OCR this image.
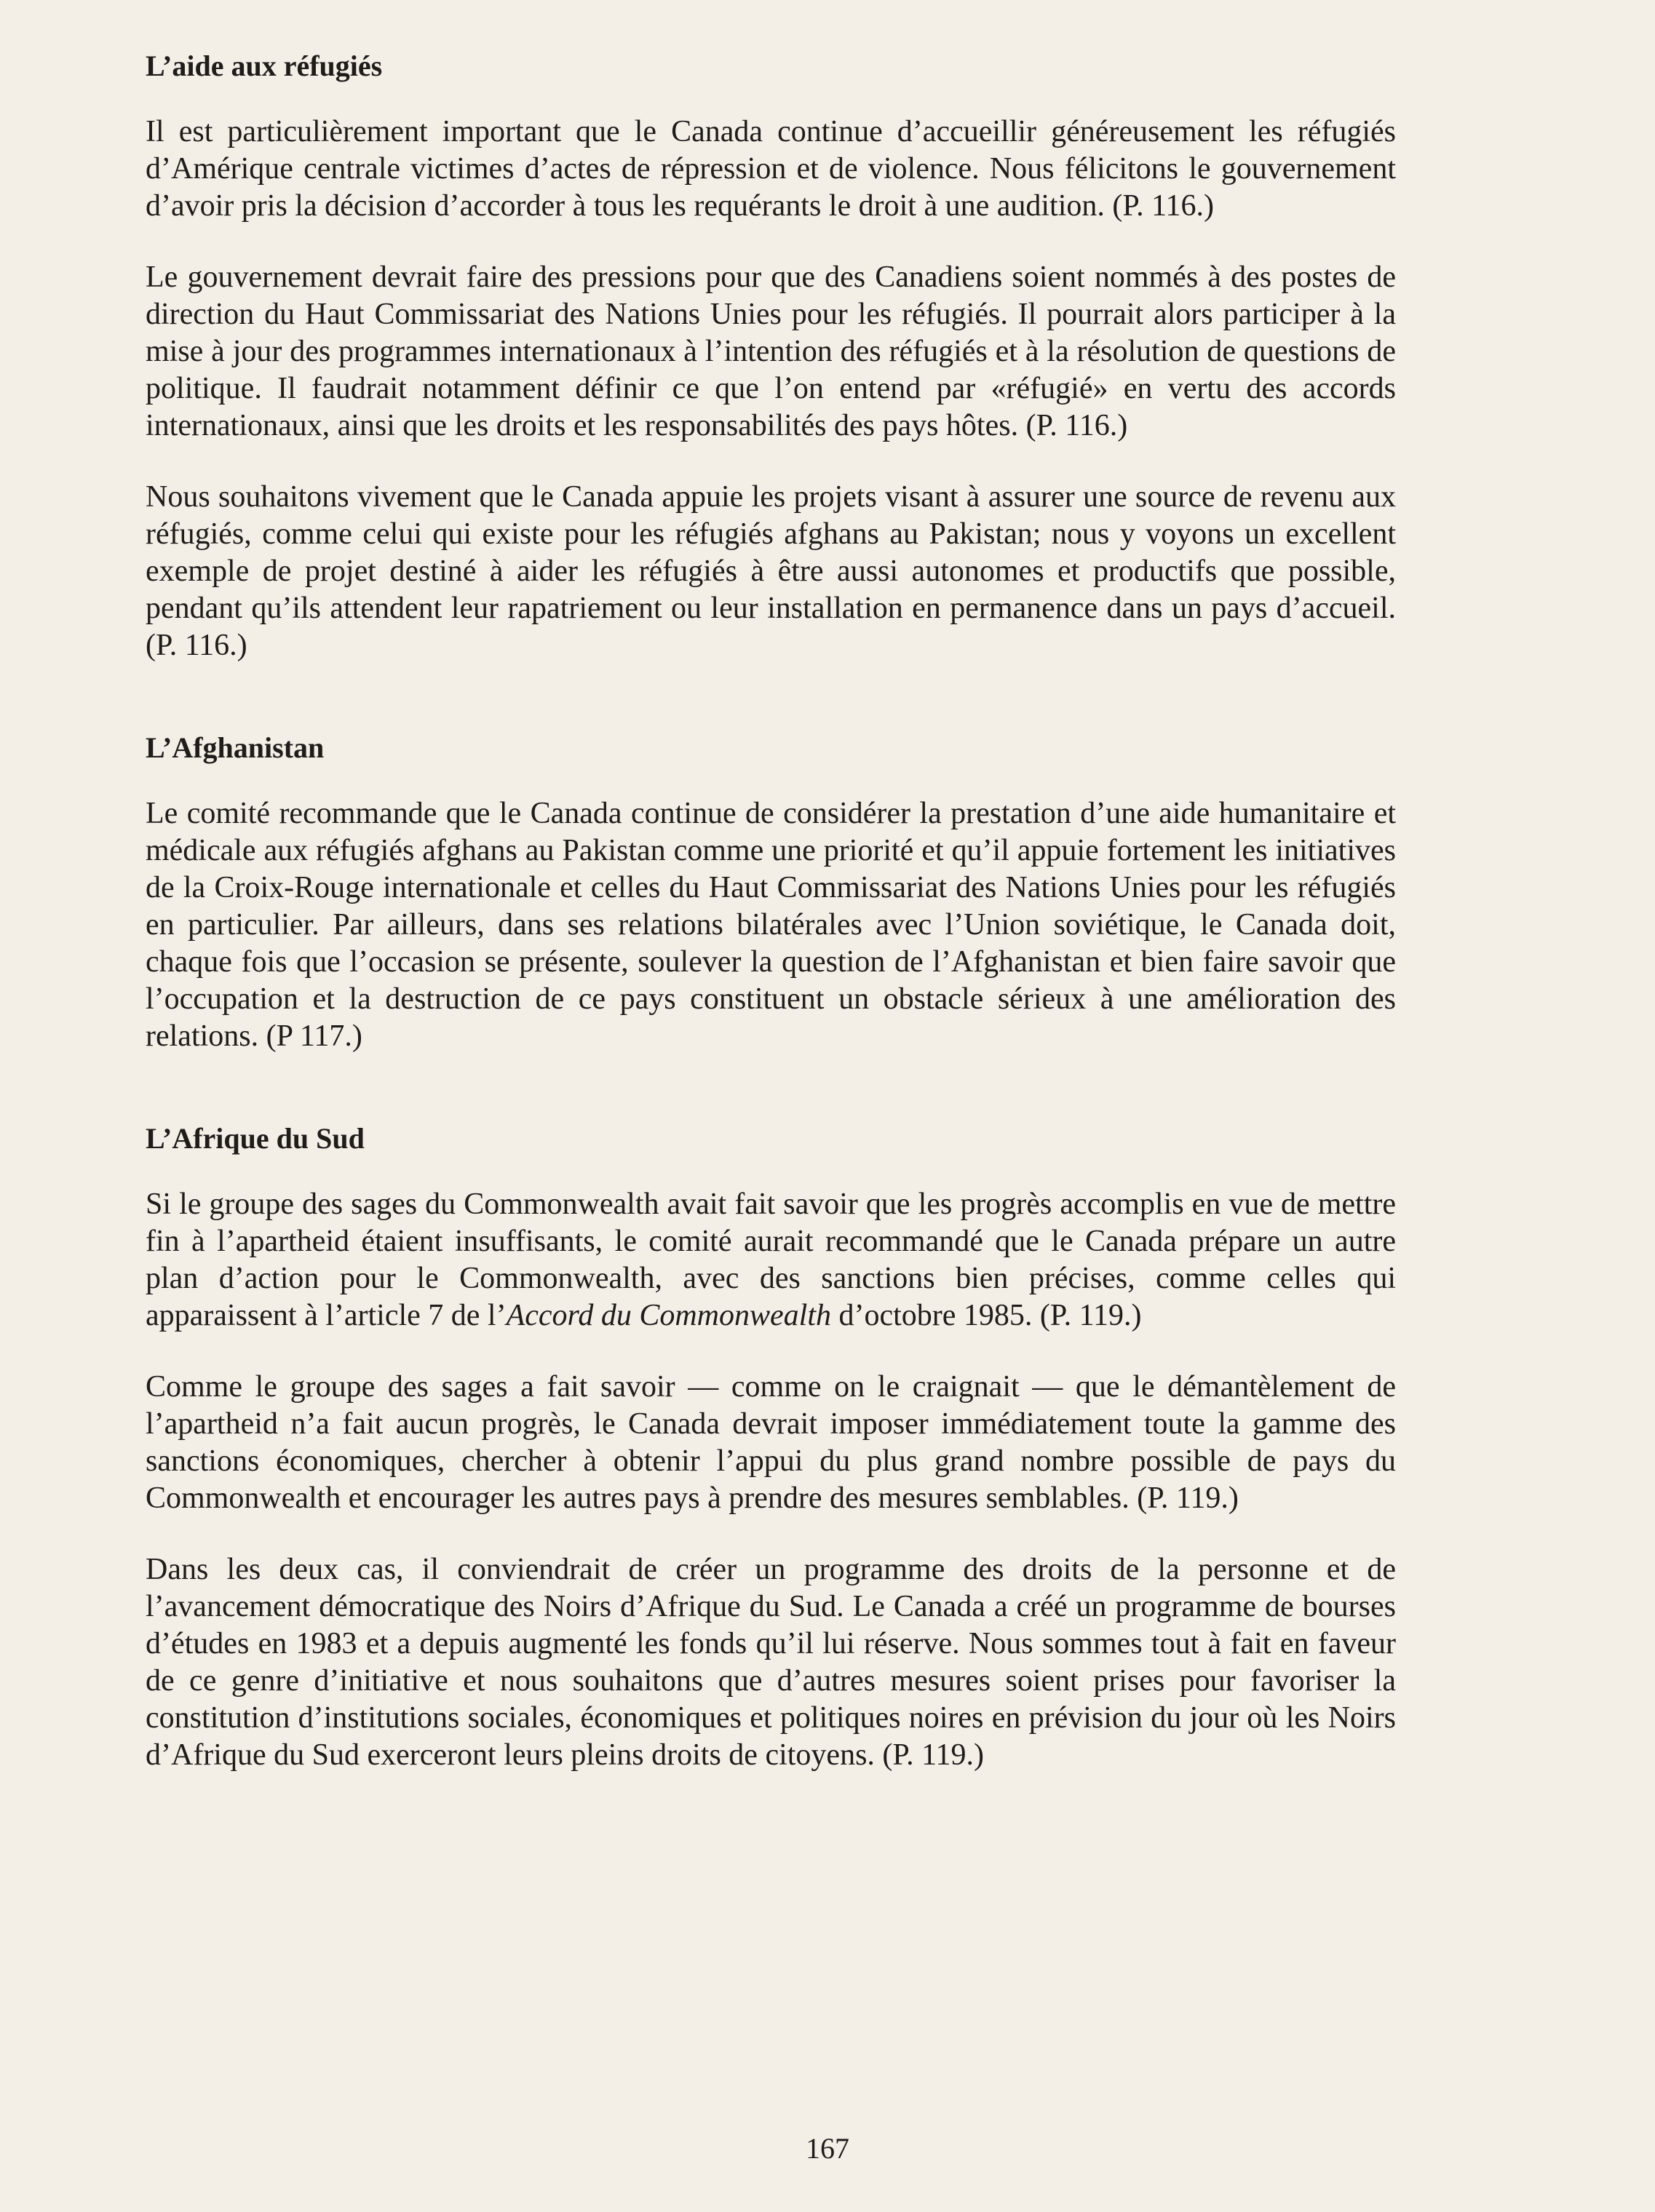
L’aide aux réfugiés

Il est particulièrement important que le Canada continue d’accueillir généreusement les réfugiés d’Amérique centrale victimes d’actes de répression et de violence. Nous félicitons le gouvernement d’avoir pris la décision d’accorder à tous les requérants le droit à une audition. (P. 116.)

Le gouvernement devrait faire des pressions pour que des Canadiens soient nommés à des postes de direction du Haut Commissariat des Nations Unies pour les réfugiés. Il pourrait alors participer à la mise à jour des programmes internationaux à l’intention des réfugiés et à la résolution de questions de politique. Il faudrait notamment définir ce que l’on entend par «réfugié» en vertu des accords internationaux, ainsi que les droits et les responsabilités des pays hôtes. (P. 116.)

Nous souhaitons vivement que le Canada appuie les projets visant à assurer une source de revenu aux réfugiés, comme celui qui existe pour les réfugiés afghans au Pakistan; nous y voyons un excellent exemple de projet destiné à aider les réfugiés à être aussi autonomes et productifs que possible, pendant qu’ils attendent leur rapatriement ou leur installation en permanence dans un pays d’accueil. (P. 116.)

L’Afghanistan

Le comité recommande que le Canada continue de considérer la prestation d’une aide humanitaire et médicale aux réfugiés afghans au Pakistan comme une priorité et qu’il appuie fortement les initiatives de la Croix-Rouge internationale et celles du Haut Commissariat des Nations Unies pour les réfugiés en particulier. Par ailleurs, dans ses relations bilatérales avec l’Union soviétique, le Canada doit, chaque fois que l’occasion se présente, soulever la question de l’Afghanistan et bien faire savoir que l’occupation et la destruction de ce pays constituent un obstacle sérieux à une amélioration des relations. (P 117.)

L’Afrique du Sud

Si le groupe des sages du Commonwealth avait fait savoir que les progrès accomplis en vue de mettre fin à l’apartheid étaient insuffisants, le comité aurait recommandé que le Canada prépare un autre plan d’action pour le Commonwealth, avec des sanctions bien précises, comme celles qui apparaissent à l’article 7 de l’Accord du Commonwealth d’octobre 1985. (P. 119.)

Comme le groupe des sages a fait savoir — comme on le craignait — que le démantèlement de l’apartheid n’a fait aucun progrès, le Canada devrait imposer immédiatement toute la gamme des sanctions économiques, chercher à obtenir l’appui du plus grand nombre possible de pays du Commonwealth et encourager les autres pays à prendre des mesures semblables. (P. 119.)

Dans les deux cas, il conviendrait de créer un programme des droits de la personne et de l’avancement démocratique des Noirs d’Afrique du Sud. Le Canada a créé un programme de bourses d’études en 1983 et a depuis augmenté les fonds qu’il lui réserve. Nous sommes tout à fait en faveur de ce genre d’initiative et nous souhaitons que d’autres mesures soient prises pour favoriser la constitution d’institutions sociales, économiques et politiques noires en prévision du jour où les Noirs d’Afrique du Sud exerceront leurs pleins droits de citoyens. (P. 119.)

167
